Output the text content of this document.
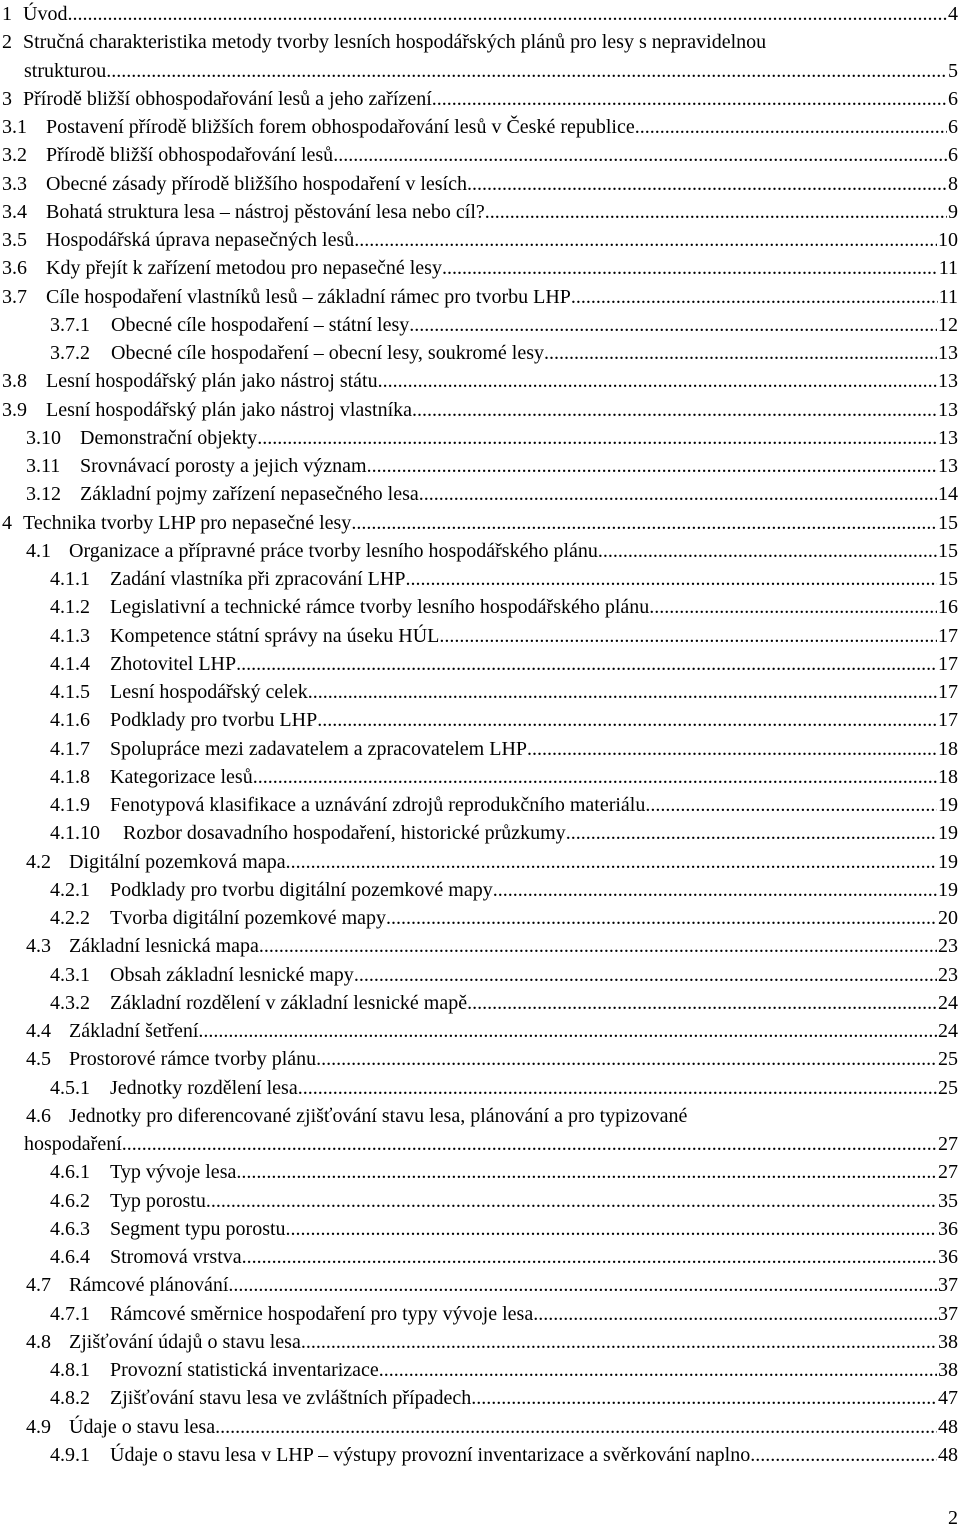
1 Úvod .....	4
2 Stručná charakteristika metody tvorby lesních hospodářských plánů pro lesy s nepravidelnou
strukturou. .....	5
3 Přírodě bližší obhospodařování lesů a jeho zařízení .....	6
3.1 Postavení přírodě bližších forem obhospodařování lesů v České republice .....	6
3.2 Přírodě bližší obhospodařování lesů .....	6
3.3 Obecné zásady přírodě bližšího hospodaření v lesích .....	8
3.4 Bohatá struktura lesa – nástroj pěstování lesa nebo cíl? .....	9
3.5 Hospodářská úprava nepasečných lesů .....	10
3.6 Kdy přejít k zařízení metodou pro nepasečné lesy .....	11
3.7 Cíle hospodaření vlastníků lesů – základní rámec pro tvorbu LHP .....	11
3.7.1	Obecné cíle hospodaření – státní lesy .....	12
3.7.2	Obecné cíle hospodaření – obecní lesy, soukromé lesy .....	13
3.8 Lesní hospodářský plán jako nástroj státu .....	13
3.9 Lesní hospodářský plán jako nástroj vlastníka .....	13
3.10 Demonstrační objekty .....	13
3.11 Srovnávací porosty a jejich význam .....	13
3.12 Základní pojmy zařízení nepasečného lesa .....	14
4 Technika tvorby LHP pro nepasečné lesy .....	15
4.1 Organizace a přípravné práce tvorby lesního hospodářského plánu .....	15
4.1.1	Zadání vlastníka při zpracování LHP .....	15
4.1.2	Legislativní a technické rámce tvorby lesního hospodářského plánu .....	16
4.1.3	Kompetence státní správy na úseku HÚL .....	17
4.1.4	Zhotovitel LHP .....	17
4.1.5	Lesní hospodářský celek .....	17
4.1.6	Podklady pro tvorbu LHP .....	17
4.1.7	Spolupráce mezi zadavatelem a zpracovatelem LHP .....	18
4.1.8	Kategorizace lesů .....	18
4.1.9	Fenotypová klasifikace a uznávání zdrojů reprodukčního materiálu .....	19
4.1.10	Rozbor dosavadního hospodaření, historické průzkumy .....	19
4.2 Digitální pozemková mapa .....	19
4.2.1	Podklady pro tvorbu digitální pozemkové mapy .....	19
4.2.2	Tvorba digitální pozemkové mapy .....	20
4.3 Základní lesnická mapa .....	23
4.3.1	Obsah základní lesnické mapy .....	23
4.3.2	Základní rozdělení v základní lesnické mapě .....	24
4.4 Základní šetření .....	24
4.5 Prostorové rámce tvorby plánu .....	25
4.5.1	Jednotky rozdělení lesa .....	25
4.6 Jednotky pro diferencované zjišťování stavu lesa, plánování a pro typizované
hospodaření .....	27
4.6.1	Typ vývoje lesa .....	27
4.6.2	Typ porostu .....	35
4.6.3	Segment typu porostu .....	36
4.6.4	Stromová vrstva .....	36
4.7 Rámcové plánování .....	37
4.7.1	Rámcové směrnice hospodaření pro typy vývoje lesa .....	37
4.8 Zjišťování údajů o stavu lesa .....	38
4.8.1	Provozní statistická inventarizace .....	38
4.8.2	Zjišťování stavu lesa ve zvláštních případech .....	47
4.9 Údaje o stavu lesa .....	48
4.9.1	Údaje o stavu lesa v LHP – výstupy provozní inventarizace a svěrkování naplno. .....	48
2
